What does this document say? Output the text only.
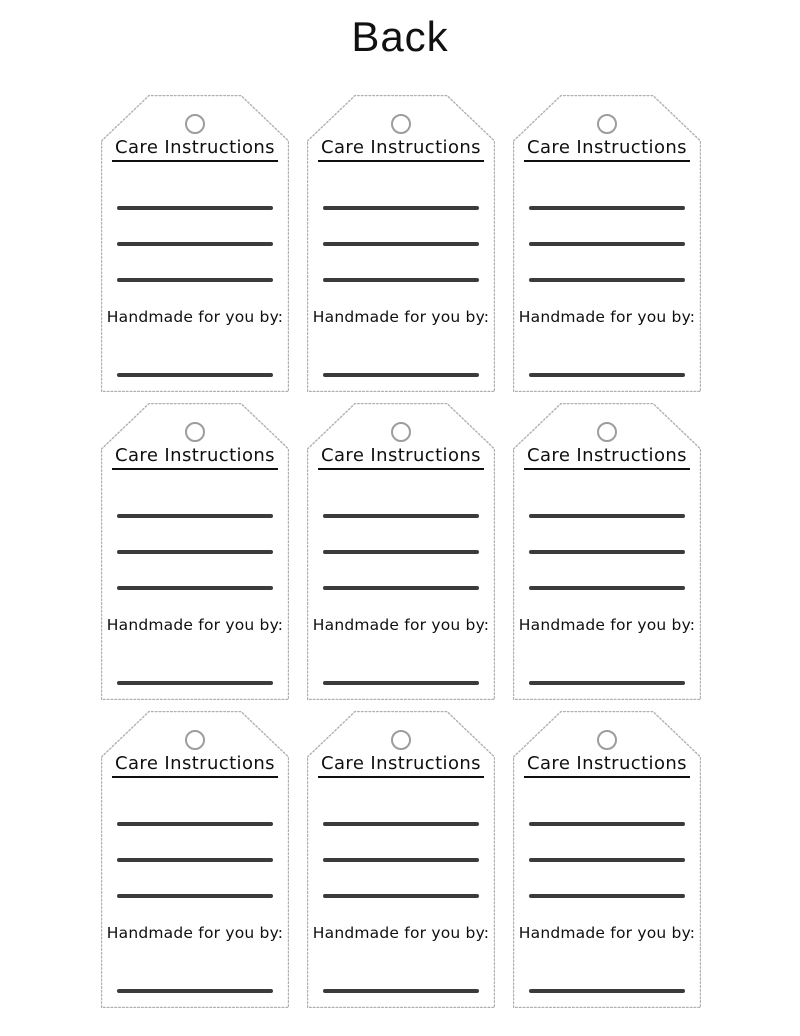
Back
Care Instructions
Handmade for you by:
Care Instructions
Handmade for you by:
Care Instructions
Handmade for you by:
Care Instructions
Handmade for you by:
Care Instructions
Handmade for you by:
Care Instructions
Handmade for you by:
Care Instructions
Handmade for you by:
Care Instructions
Handmade for you by:
Care Instructions
Handmade for you by:
